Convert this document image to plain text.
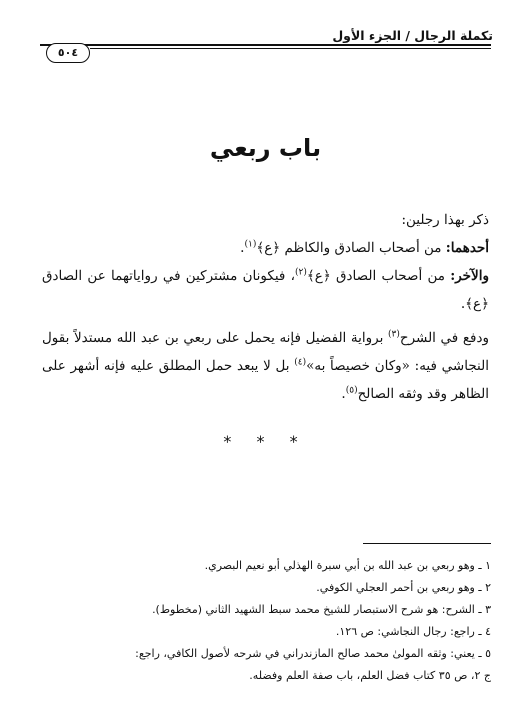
تكملة الرجال / الجزء الأول
٥٠٤
باب ربعي

ذكر بهذا رجلين:

أحدهما: من أصحاب الصادق والكاظم ﴿ع﴾$^{(١)}$.

والآخر: من أصحاب الصادق ﴿ع﴾$^{(٢)}$، فيكونان مشتركين في رواياتهما عن الصادق ﴿ع﴾.

ودفع في الشرح$^{(٣)}$ برواية الفضيل فإنه يحمل على ربعي بن عبد الله مستدلاً بقول النجاشي فيه: «وكان خصيصاً به»$^{(٤)}$ بل لا يبعد حمل المطلق عليه فإنه أشهر على الظاهر وقد وثقه الصالح$^{(٥)}$.

* * *

١ ـ وهو ربعي بن عبد الله بن أبي سبرة الهذلي أبو نعيم البصري.

٢ ـ وهو ربعي بن أحمر العجلي الكوفي.

٣ ـ الشرح: هو شرح الاستبصار للشيخ محمد سبط الشهيد الثاني (مخطوط).

٤ ـ راجع: رجال النجاشي: ص ١٢٦.

٥ ـ يعني: وثقه المولىٰ محمد صالح المازندراني في شرحه لأصول الكافي، راجع:

ج ٢، ص ٣٥ كتاب فضل العلم، باب صفة العلم وفضله.
